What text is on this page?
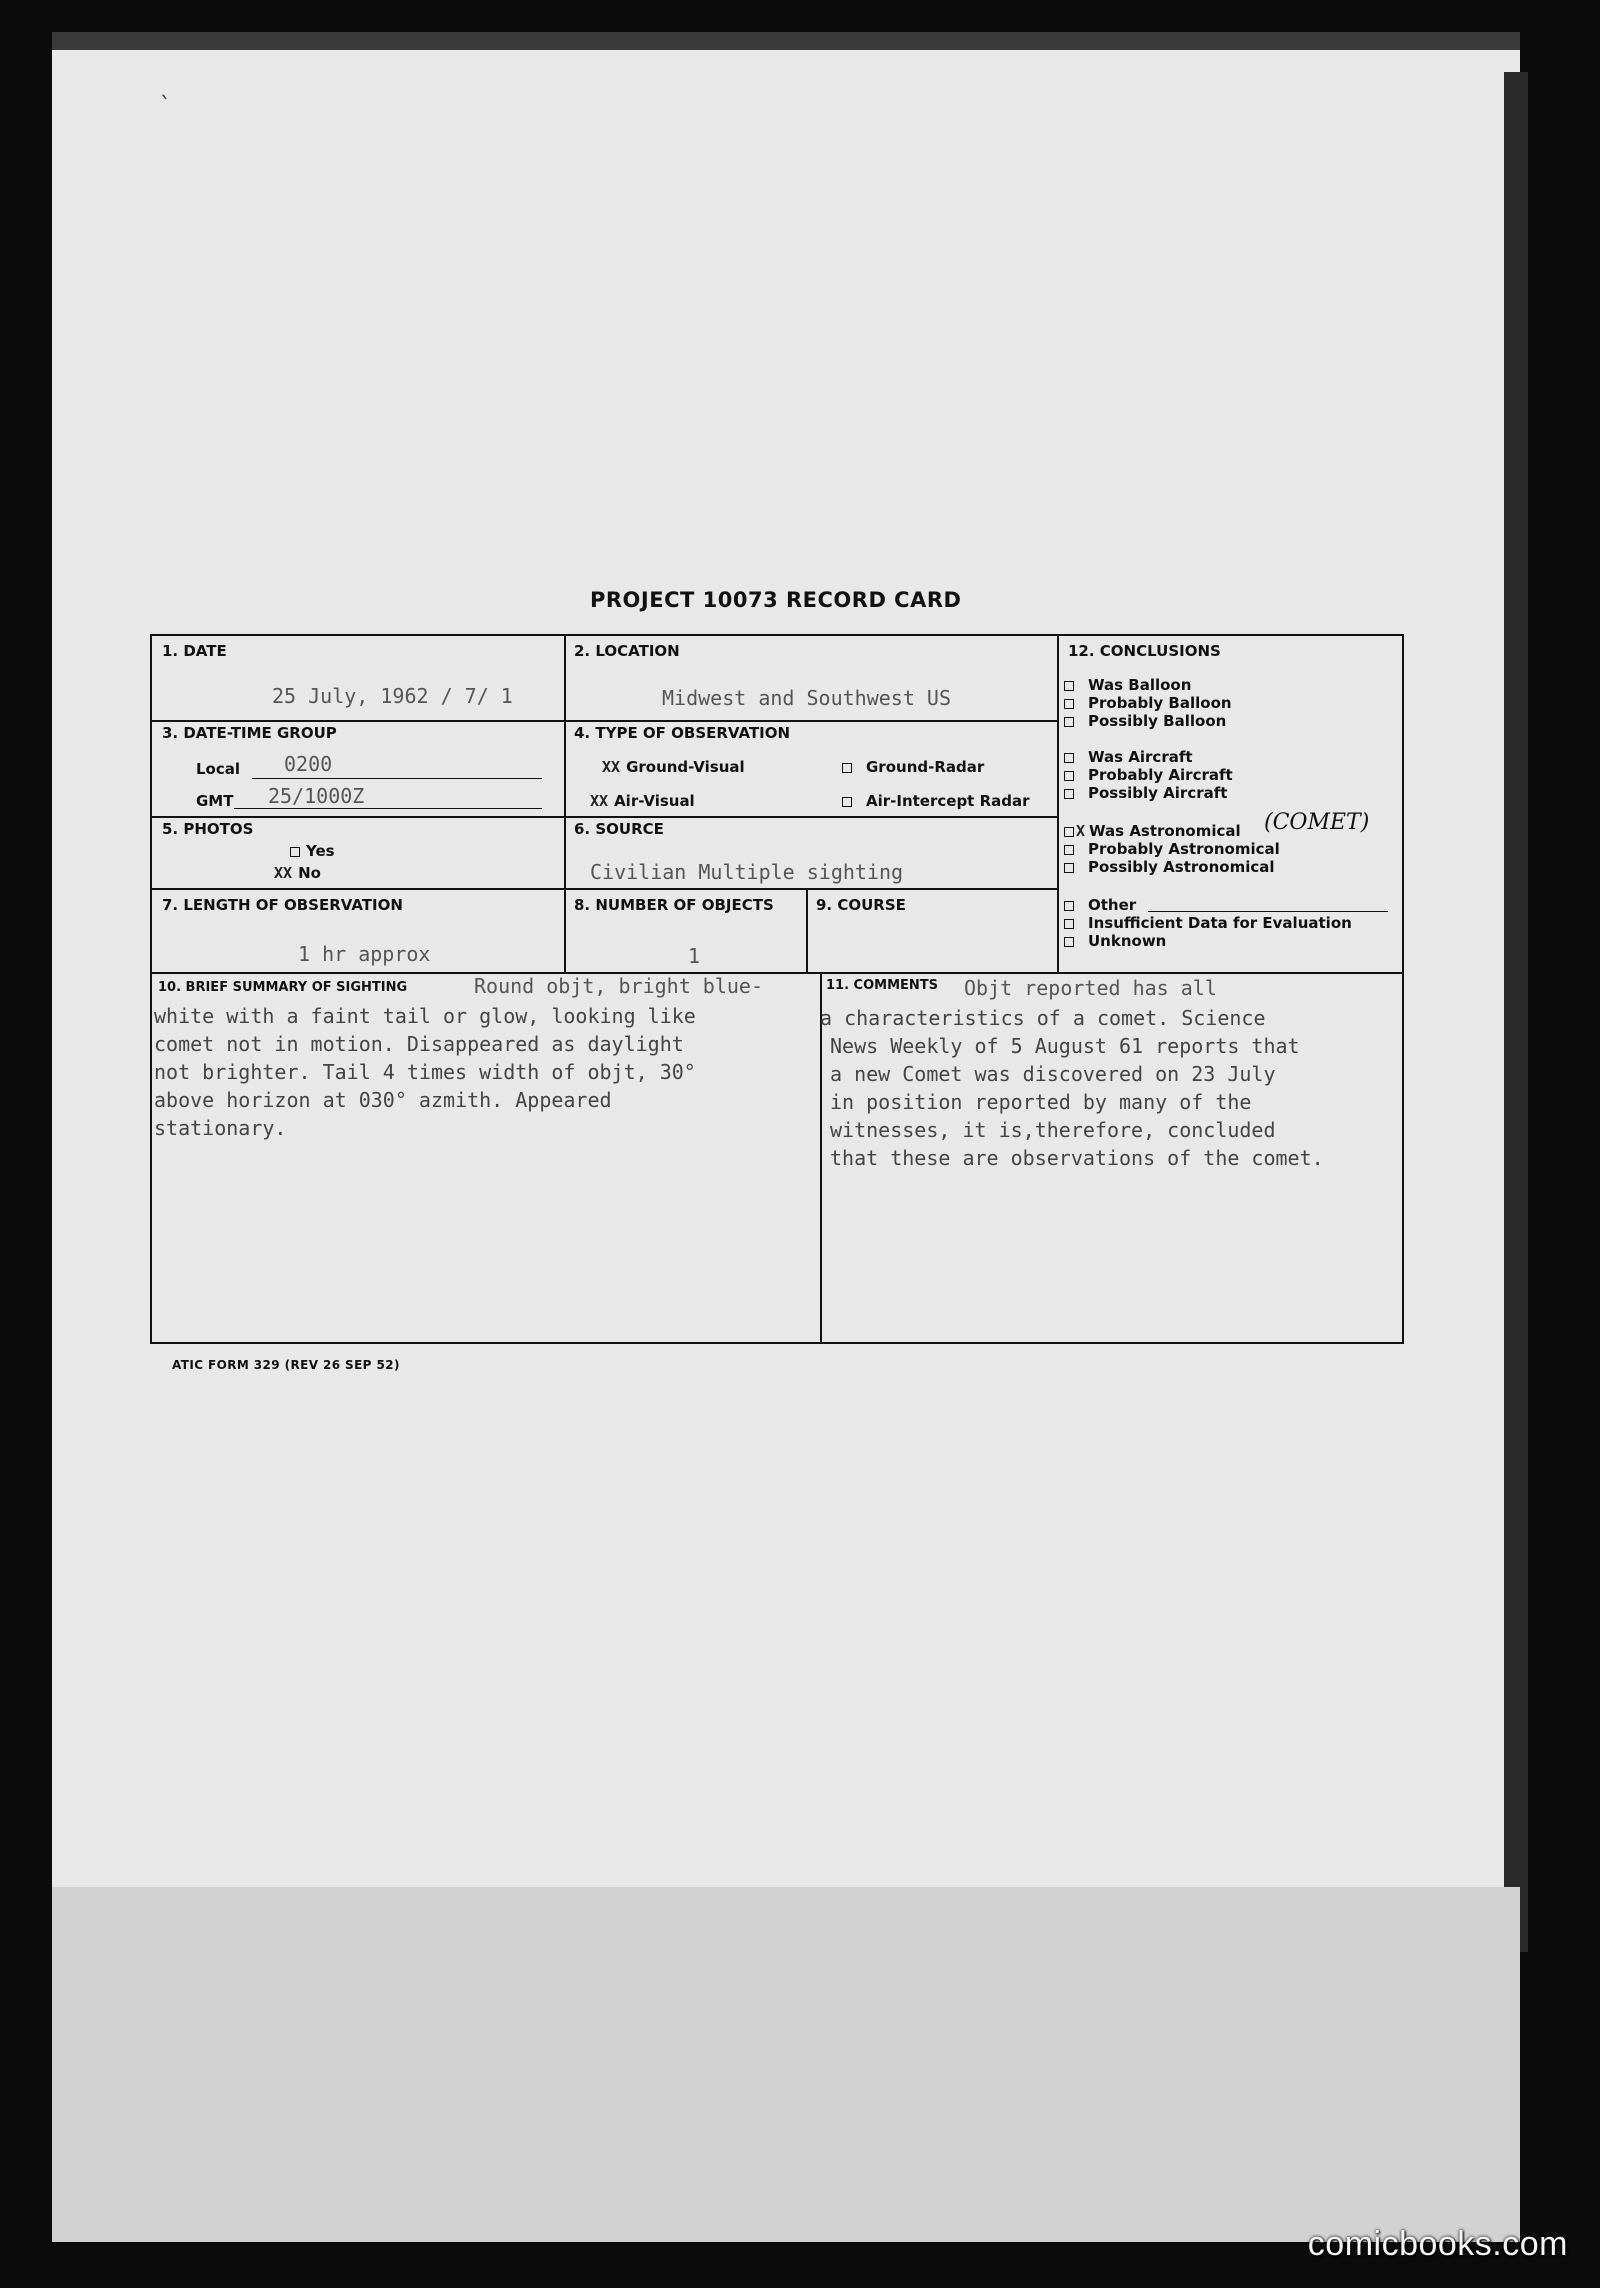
`
PROJECT 10073 RECORD CARD
1. DATE
25 July, 1962 / 7/ 1
2. LOCATION
Midwest and Southwest US
3. DATE-TIME GROUP
Local 0200
GMT 25/1000Z
4. TYPE OF OBSERVATION
XX Ground-Visual
XX Air-Visual
Ground-Radar
Air-Intercept Radar
5. PHOTOS
Yes
XX No
6. SOURCE
Civilian Multiple sighting
7. LENGTH OF OBSERVATION
1 hr approx
8. NUMBER OF OBJECTS
1
9. COURSE
12. CONCLUSIONS
Was Balloon
Probably Balloon
Possibly Balloon
Was Aircraft
Probably Aircraft
Possibly Aircraft
X Was Astronomical
Probably Astronomical
Possibly Astronomical
(COMET)
Other
Insufficient Data for Evaluation
Unknown
10. BRIEF SUMMARY OF SIGHTING	Round objt, bright blue-
white with a faint tail or glow, looking like
comet not in motion. Disappeared as daylight
not brighter. Tail 4 times width of objt, 30°
above horizon at 030° azmith. Appeared
stationary.
11. COMMENTS Objt reported has all
a characteristics of a comet. Science
News Weekly of 5 August 61 reports that
a new Comet was discovered on 23 July
in position reported by many of the
witnesses, it is,therefore, concluded
that these are observations of the comet.
ATIC FORM 329 (REV 26 SEP 52)
comicbooks.com
